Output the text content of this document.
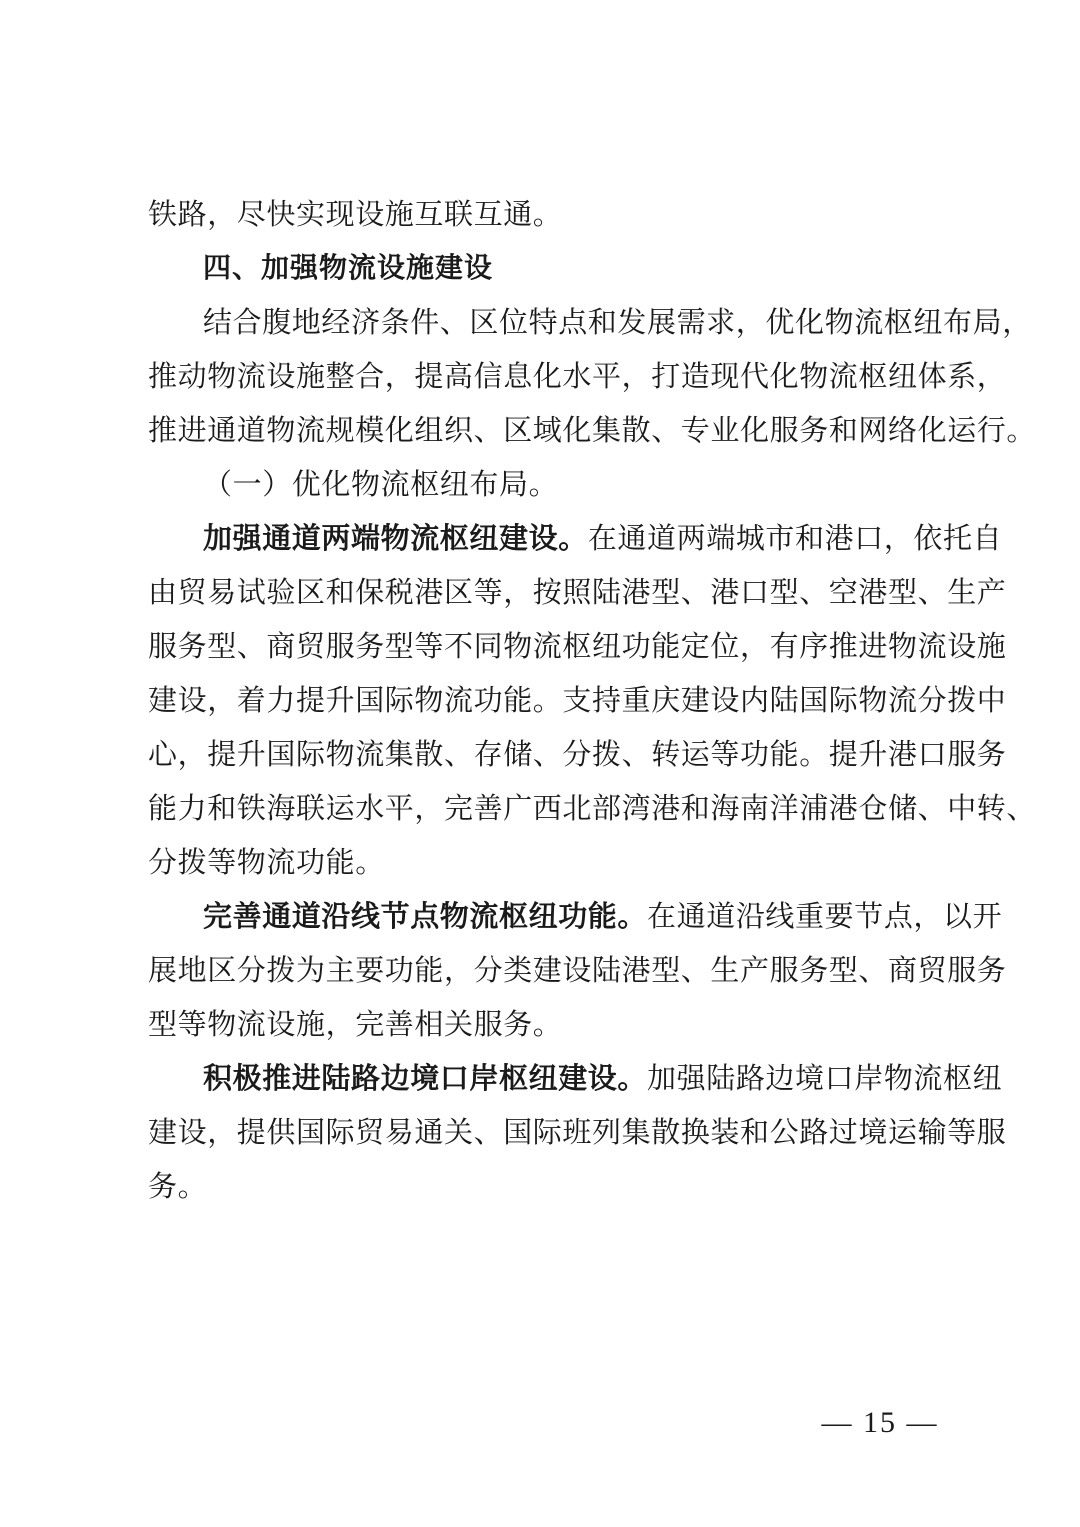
铁路，尽快实现设施互联互通。
四、加强物流设施建设
结合腹地经济条件、区位特点和发展需求，优化物流枢纽布局，
推动物流设施整合，提高信息化水平，打造现代化物流枢纽体系，
推进通道物流规模化组织、区域化集散、专业化服务和网络化运行。
（一）优化物流枢纽布局。
加强通道两端物流枢纽建设。在通道两端城市和港口，依托自
由贸易试验区和保税港区等，按照陆港型、港口型、空港型、生产
服务型、商贸服务型等不同物流枢纽功能定位，有序推进物流设施
建设，着力提升国际物流功能。支持重庆建设内陆国际物流分拨中
心，提升国际物流集散、存储、分拨、转运等功能。提升港口服务
能力和铁海联运水平，完善广西北部湾港和海南洋浦港仓储、中转、
分拨等物流功能。
完善通道沿线节点物流枢纽功能。在通道沿线重要节点，以开
展地区分拨为主要功能，分类建设陆港型、生产服务型、商贸服务
型等物流设施，完善相关服务。
积极推进陆路边境口岸枢纽建设。加强陆路边境口岸物流枢纽
建设，提供国际贸易通关、国际班列集散换装和公路过境运输等服
务。
— 15 —
